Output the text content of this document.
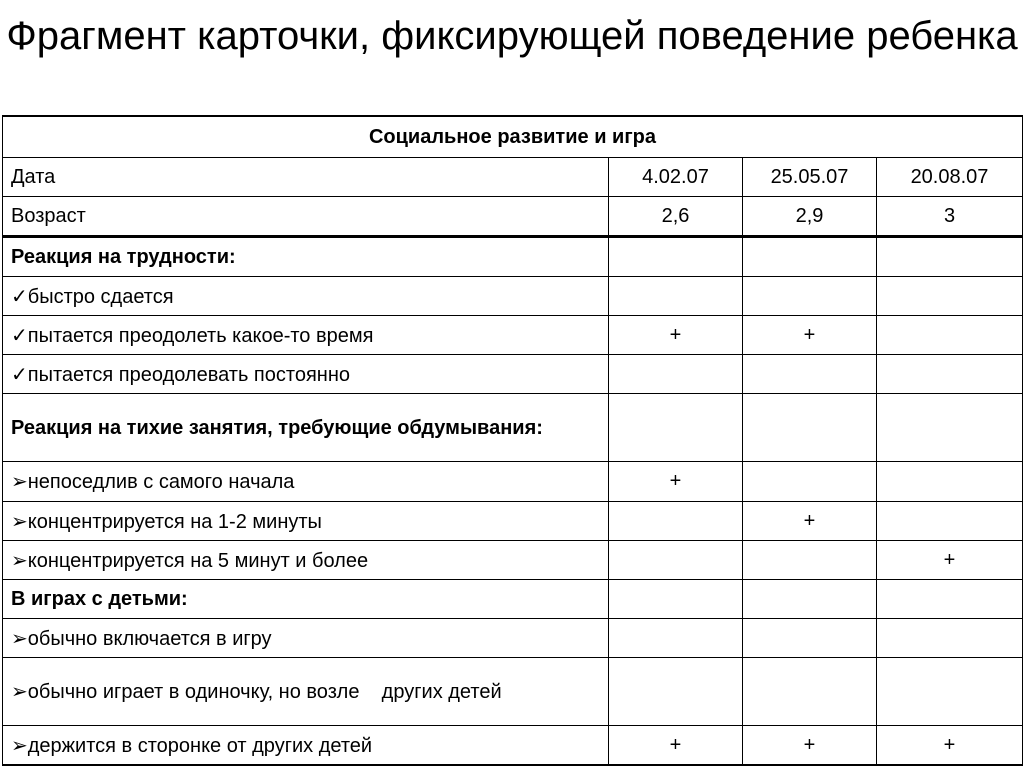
Фрагмент карточки, фиксирующей поведение ребенка
Социальное развитие и игра			
Дата	4.02.07	25.05.07	20.08.07
Возраст	2,6	2,9	3
Реакция на трудности:			
✓быстро сдается			
✓пытается преодолеть какое-то время	+	+	
✓пытается преодолевать постоянно			
Реакция на тихие занятия, требующие обдумывания:			
➢непоседлив с самого начала	+		
➢концентрируется на 1-2 минуты		+	
➢концентрируется на 5 минут и более			+
В играх с детьми:			
➢обычно включается в игру			
➢обычно играет в одиночку, но возле    других детей			
➢держится в сторонке от других детей	+	+	+
